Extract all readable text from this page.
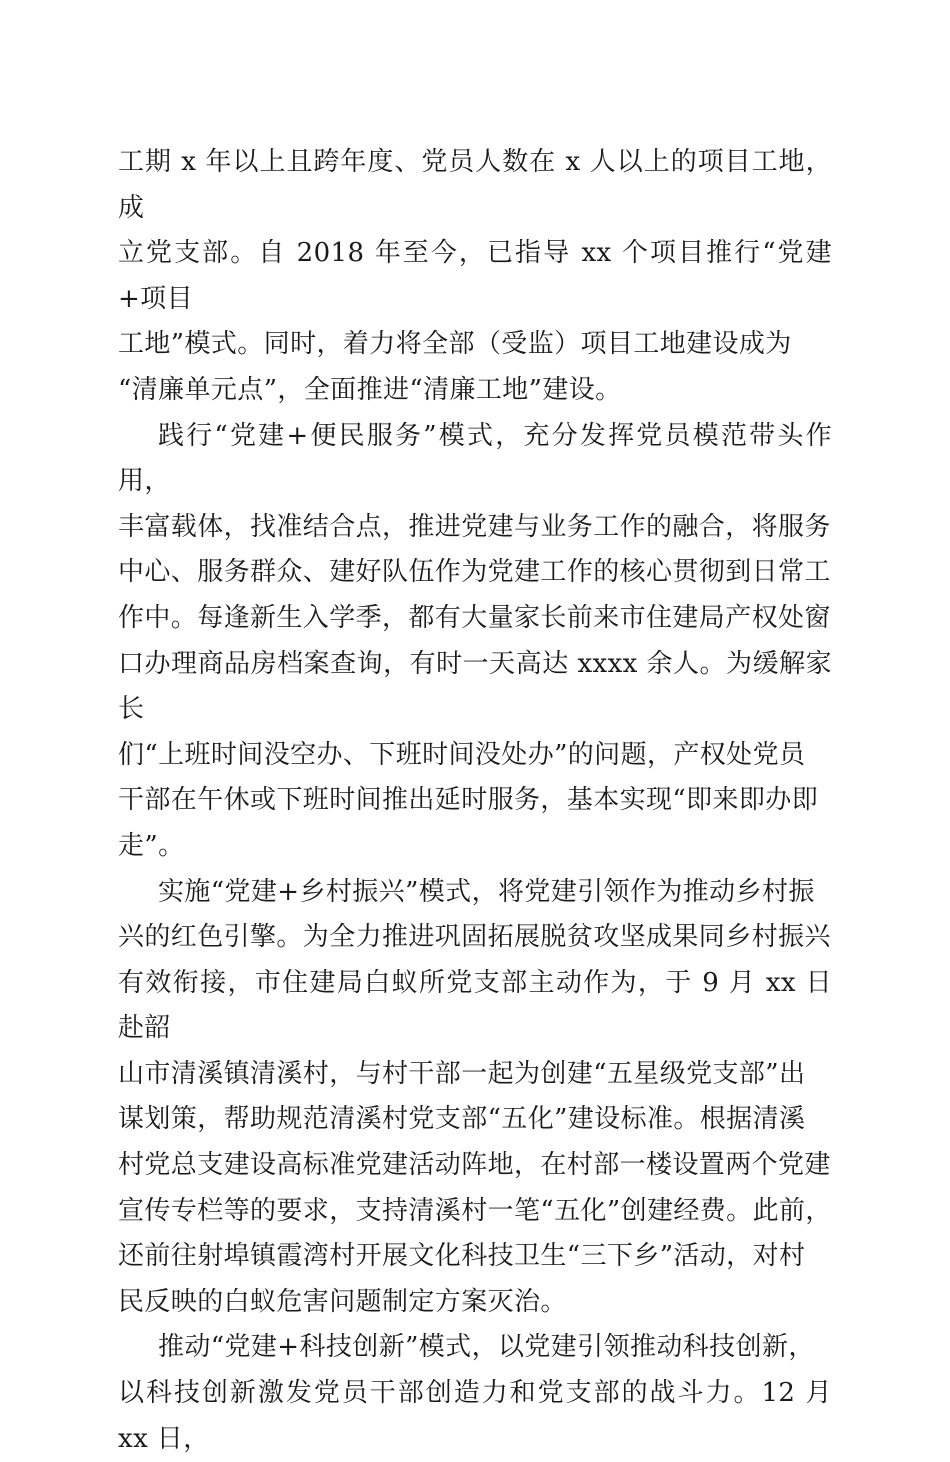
工期 x 年以上且跨年度、党员人数在 x 人以上的项目工地，成
立党支部。自 2018 年至今，已指导 xx 个项目推行“党建+项目
工地”模式。同时，着力将全部（受监）项目工地建设成为
“清廉单元点”，全面推进“清廉工地”建设。
践行“党建+便民服务”模式，充分发挥党员模范带头作用，
丰富载体，找准结合点，推进党建与业务工作的融合，将服务
中心、服务群众、建好队伍作为党建工作的核心贯彻到日常工
作中。每逢新生入学季，都有大量家长前来市住建局产权处窗
口办理商品房档案查询，有时一天高达 xxxx 余人。为缓解家长
们“上班时间没空办、下班时间没处办”的问题，产权处党员
干部在午休或下班时间推出延时服务，基本实现“即来即办即
走”。
实施“党建+乡村振兴”模式，将党建引领作为推动乡村振
兴的红色引擎。为全力推进巩固拓展脱贫攻坚成果同乡村振兴
有效衔接，市住建局白蚁所党支部主动作为，于 9 月 xx 日赴韶
山市清溪镇清溪村，与村干部一起为创建“五星级党支部”出
谋划策，帮助规范清溪村党支部“五化”建设标准。根据清溪
村党总支建设高标准党建活动阵地，在村部一楼设置两个党建
宣传专栏等的要求，支持清溪村一笔“五化”创建经费。此前，
还前往射埠镇霞湾村开展文化科技卫生“三下乡”活动，对村
民反映的白蚁危害问题制定方案灭治。
推动“党建+科技创新”模式，以党建引领推动科技创新，
以科技创新激发党员干部创造力和党支部的战斗力。12 月 xx 日，
